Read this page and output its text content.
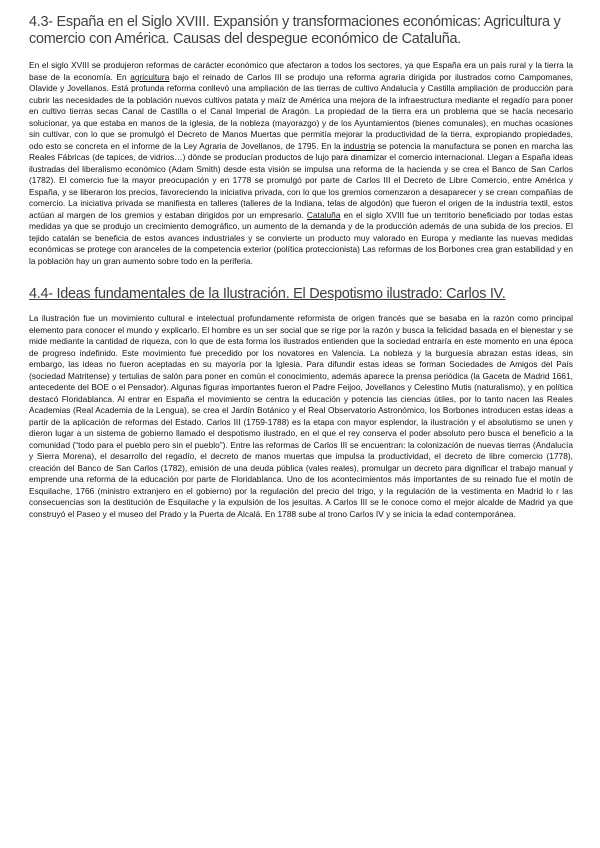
4.3- España en el Siglo XVIII. Expansión y transformaciones económicas: Agricultura y comercio con América. Causas del despegue económico de Cataluña.

En el siglo XVIII se produjeron reformas de carácter económico que afectaron a todos los sectores, ya que España era un país rural y la tierra la base de la economía. En agricultura bajo el reinado de Carlos III se produjo una reforma agraria dirigida por ilustrados como Campomanes, Olavide y Jovellanos. Está profunda reforma conllevó una ampliación de las tierras de cultivo Andalucía y Castilla ampliación de producción para cubrir las necesidades de la población nuevos cultivos patata y maíz de América una mejora de la infraestructura mediante el regadío para poner en cultivo tierras secas Canal de Castilla o el Canal Imperial de Aragón. La propiedad de la tierra era un problema que se hacía necesario solucionar, ya que estaba en manos de la iglesia, de la nobleza (mayorazgo) y de los Ayuntamientos (bienes comunales), en muchas ocasiones sin cultivar, con lo que se promulgó el Decreto de Manos Muertas que permitía mejorar la productividad de la tierra, expropiando propiedades, odo esto se concreta en el informe de la Ley Agraria de Jovellanos, de 1795. En la industria se potencia la manufactura se ponen en marcha las Reales Fábricas (de tapices, de vidrios…) dónde se producían productos de lujo para dinamizar el comercio internacional. Llegan a España ideas ilustradas del liberalismo económico (Adam Smith) desde esta visión se impulsa una reforma de la hacienda y se crea el Banco de San Carlos (1782). El comercio fue la mayor preocupación y en 1778 se promulgó por parte de Carlos III el Decreto de Libre Comercio, entre América y España, y se liberaron los precios, favoreciendo la iniciativa privada, con lo que los gremios comenzaron a desaparecer y se crean compañías de comercio. La iniciativa privada se manifiesta en talleres (talleres de la Indiana, telas de algodón) que fueron el origen de la industria textil, estos actúan al margen de los gremios y estaban dirigidos por un empresario. Cataluña en el siglo XVIII fue un territorio beneficiado por todas estas medidas ya que se produjo un crecimiento demográfico, un aumento de la demanda y de la producción además de una subida de los precios. El tejido catalán se beneficia de estos avances industriales y se convierte un producto muy valorado en Europa y mediante las nuevas medidas económicas se protege con aranceles de la competencia exterior (política proteccionista) Las reformas de los Borbones crea gran estabilidad y en la población hay un gran aumento sobre todo en la periferia.

4.4- Ideas fundamentales de la Ilustración. El Despotismo ilustrado: Carlos IV.

La ilustración fue un movimiento cultural e intelectual profundamente reformista de origen francés que se basaba en la razón como principal elemento para conocer el mundo y explicarlo. El hombre es un ser social que se rige por la razón y busca la felicidad basada en el bienestar y se mide mediante la cantidad de riqueza, con lo que de esta forma los ilustrados entienden que la sociedad entraría en este momento en una época de progreso indefinido. Este movimiento fue precedido por los novatores en Valencia. La nobleza y la burguesía abrazan estas ideas, sin embargo, las ideas no fueron aceptadas en su mayoría por la Iglesia. Para difundir estas ideas se forman Sociedades de Amigos del País (sociedad Matritense) y tertulias de salón para poner en común el conocimiento, además aparece la prensa periódica (la Gaceta de Madrid 1661, antecedente del BOE o el Pensador). Algunas figuras importantes fueron el Padre Feijoo, Jovellanos y Celestino Mutis (naturalismo), y en política destacó Floridablanca. Al entrar en España el movimiento se centra la educación y potencia las ciencias útiles, por lo tanto nacen las Reales Academias (Real Academia de la Lengua), se crea el Jardín Botánico y el Real Observatorio Astronómico, los Borbones introducen estas ideas a partir de la aplicación de reformas del Estado. Carlos III (1759-1788) es la etapa con mayor esplendor, la ilustración y el absolutismo se unen y dieron lugar a un sistema de gobierno llamado el despotismo ilustrado, en el que el rey conserva el poder absoluto pero busca el beneficio a la comunidad (“todo para el pueblo pero sin el pueblo”). Entre las reformas de Carlos III se encuentran: la colonización de nuevas tierras (Andalucía y Sierra Morena), el desarrollo del regadío, el decreto de manos muertas que impulsa la productividad, el decreto de libre comercio (1778), creación del Banco de San Carlos (1782), emisión de una deuda pública (vales reales), promulgar un decreto para dignificar el trabajo manual y emprende una reforma de la educación por parte de Floridablanca. Uno de los acontecimientos más importantes de su reinado fue el motín de Esquilache, 1766 (ministro extranjero en el gobierno) por la regulación del precio del trigo, y la regulación de la vestimenta en Madrid lo r las consecuencias son la destitución de Esquilache y la expulsión de los jesuitas. A Carlos III se le conoce como el mejor alcalde de Madrid ya que construyó el Paseo y el museo del Prado y la Puerta de Alcalá. En 1788 sube al trono Carlos IV y se inicia la edad contemporánea.
